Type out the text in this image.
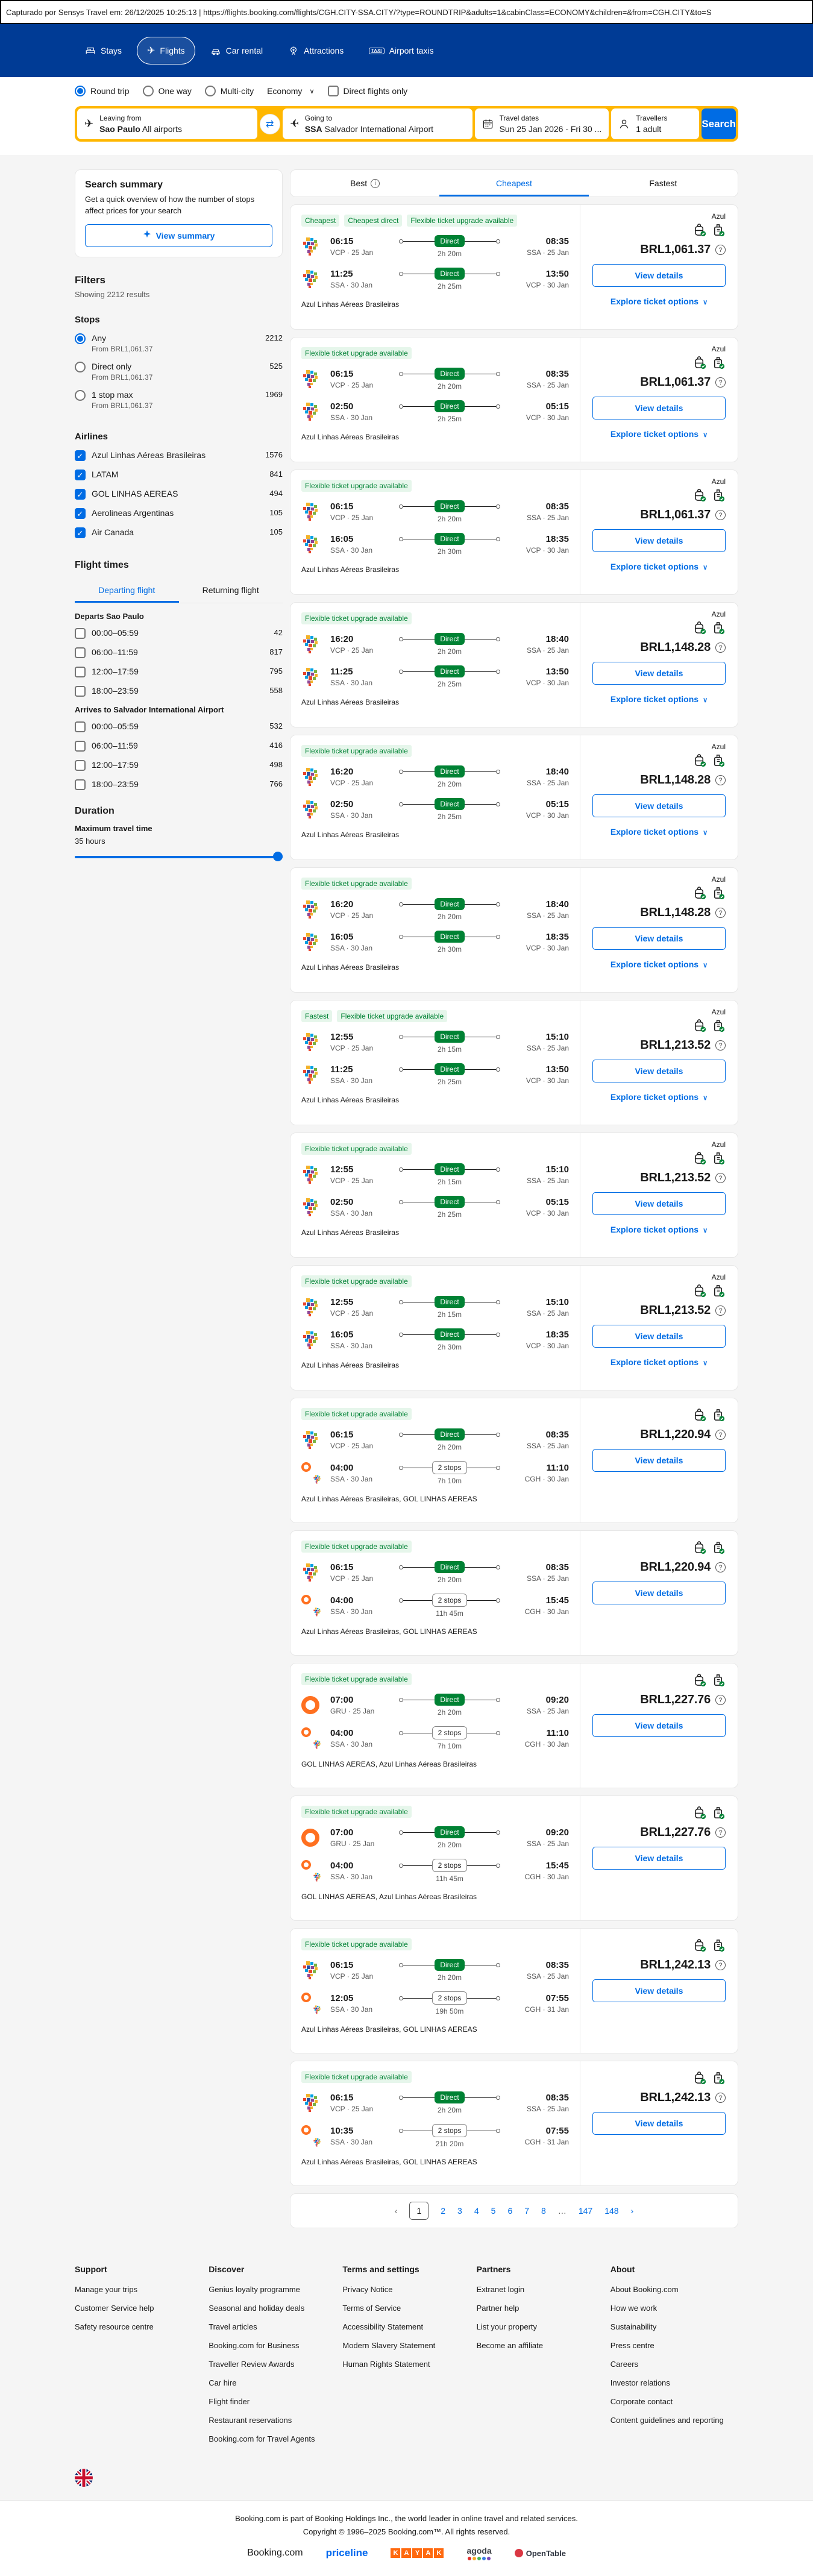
Capturado por Sensys Travel em: 26/12/2025 10:25:13 | https://flights.booking.com/flights/CGH.CITY-SSA.CITY/?type=ROUNDTRIP&adults=1&cabinClass=ECONOMY&children=&from=CGH.CITY&to=S
Stays	✈ Flights	Car rental	Attractions	TAXI Airport taxis
Round trip	One way	Multi-city Economy ∨	Direct flights only
✈ Leaving from
Sao Paulo All airports	⇄ ✈ Going to
SSA Salvador International Airport
Travel dates
Sun 25 Jan 2026 - Fri 30 ...
Travellers
1 adult	Search
Search summary
Get a quick overview of how the number of stops affect prices for your search
View summary
Filters
Showing 2212 results
Stops
Any
From BRL1,061.37
2212
Direct only
From BRL1,061.37
525
1 stop max
From BRL1,061.37
1969
Airlines
✓ Azul Linhas Aéreas Brasileiras	1576
✓ LATAM	841
✓ GOL LINHAS AEREAS	494
✓ Aerolineas Argentinas	105
✓ Air Canada	105
Flight times
Departing flight	Returning flight
Departs Sao Paulo
00:00–05:59	42
06:00–11:59	817
12:00–17:59	795
18:00–23:59	558
Arrives to Salvador International Airport
00:00–05:59	532
06:00–11:59	416
12:00–17:59	498
18:00–23:59	766
Duration
Maximum travel time
35 hours
Best	i	Cheapest	Fastest
Cheapest	Cheapest direct	Flexible ticket upgrade available
06:15
VCP · 25 Jan
Direct
2h 20m
08:35
SSA · 25 Jan
11:25
SSA · 30 Jan
Direct
2h 25m
13:50
VCP · 30 Jan
Azul Linhas Aéreas Brasileiras
Azul
BRL1,061.37	?
View details
Explore ticket options ∨
Flexible ticket upgrade available
06:15
VCP · 25 Jan
Direct
2h 20m
08:35
SSA · 25 Jan
02:50
SSA · 30 Jan
Direct
2h 25m
05:15
VCP · 30 Jan
Azul Linhas Aéreas Brasileiras
Azul
BRL1,061.37	?
View details
Explore ticket options ∨
Flexible ticket upgrade available
06:15
VCP · 25 Jan
Direct
2h 20m
08:35
SSA · 25 Jan
16:05
SSA · 30 Jan
Direct
2h 30m
18:35
VCP · 30 Jan
Azul Linhas Aéreas Brasileiras
Azul
BRL1,061.37	?
View details
Explore ticket options ∨
Flexible ticket upgrade available
16:20
VCP · 25 Jan
Direct
2h 20m
18:40
SSA · 25 Jan
11:25
SSA · 30 Jan
Direct
2h 25m
13:50
VCP · 30 Jan
Azul Linhas Aéreas Brasileiras
Azul
BRL1,148.28	?
View details
Explore ticket options ∨
Flexible ticket upgrade available
16:20
VCP · 25 Jan
Direct
2h 20m
18:40
SSA · 25 Jan
02:50
SSA · 30 Jan
Direct
2h 25m
05:15
VCP · 30 Jan
Azul Linhas Aéreas Brasileiras
Azul
BRL1,148.28	?
View details
Explore ticket options ∨
Flexible ticket upgrade available
16:20
VCP · 25 Jan
Direct
2h 20m
18:40
SSA · 25 Jan
16:05
SSA · 30 Jan
Direct
2h 30m
18:35
VCP · 30 Jan
Azul Linhas Aéreas Brasileiras
Azul
BRL1,148.28	?
View details
Explore ticket options ∨
Fastest	Flexible ticket upgrade available
12:55
VCP · 25 Jan
Direct
2h 15m
15:10
SSA · 25 Jan
11:25
SSA · 30 Jan
Direct
2h 25m
13:50
VCP · 30 Jan
Azul Linhas Aéreas Brasileiras
Azul
BRL1,213.52	?
View details
Explore ticket options ∨
Flexible ticket upgrade available
12:55
VCP · 25 Jan
Direct
2h 15m
15:10
SSA · 25 Jan
02:50
SSA · 30 Jan
Direct
2h 25m
05:15
VCP · 30 Jan
Azul Linhas Aéreas Brasileiras
Azul
BRL1,213.52	?
View details
Explore ticket options ∨
Flexible ticket upgrade available
12:55
VCP · 25 Jan
Direct
2h 15m
15:10
SSA · 25 Jan
16:05
SSA · 30 Jan
Direct
2h 30m
18:35
VCP · 30 Jan
Azul Linhas Aéreas Brasileiras
Azul
BRL1,213.52	?
View details
Explore ticket options ∨
Flexible ticket upgrade available
06:15
VCP · 25 Jan
Direct
2h 20m
08:35
SSA · 25 Jan
04:00
SSA · 30 Jan
2 stops
7h 10m
11:10
CGH · 30 Jan
Azul Linhas Aéreas Brasileiras, GOL LINHAS AEREAS
BRL1,220.94	?
View details
Flexible ticket upgrade available
06:15
VCP · 25 Jan
Direct
2h 20m
08:35
SSA · 25 Jan
04:00
SSA · 30 Jan
2 stops
11h 45m
15:45
CGH · 30 Jan
Azul Linhas Aéreas Brasileiras, GOL LINHAS AEREAS
BRL1,220.94	?
View details
Flexible ticket upgrade available
07:00
GRU · 25 Jan
Direct
2h 20m
09:20
SSA · 25 Jan
04:00
SSA · 30 Jan
2 stops
7h 10m
11:10
CGH · 30 Jan
GOL LINHAS AEREAS, Azul Linhas Aéreas Brasileiras
BRL1,227.76	?
View details
Flexible ticket upgrade available
07:00
GRU · 25 Jan
Direct
2h 20m
09:20
SSA · 25 Jan
04:00
SSA · 30 Jan
2 stops
11h 45m
15:45
CGH · 30 Jan
GOL LINHAS AEREAS, Azul Linhas Aéreas Brasileiras
BRL1,227.76	?
View details
Flexible ticket upgrade available
06:15
VCP · 25 Jan
Direct
2h 20m
08:35
SSA · 25 Jan
12:05
SSA · 30 Jan
2 stops
19h 50m
07:55
CGH · 31 Jan
Azul Linhas Aéreas Brasileiras, GOL LINHAS AEREAS
BRL1,242.13	?
View details
Flexible ticket upgrade available
06:15
VCP · 25 Jan
Direct
2h 20m
08:35
SSA · 25 Jan
10:35
SSA · 30 Jan
2 stops
21h 20m
07:55
CGH · 31 Jan
Azul Linhas Aéreas Brasileiras, GOL LINHAS AEREAS
BRL1,242.13	?
View details
‹	1	2 3 4 5 6 7 8 … 147 148 ›
Support
Manage your trips
Customer Service help
Safety resource centre
Discover
Genius loyalty programme
Seasonal and holiday deals
Travel articles
Booking.com for Business
Traveller Review Awards
Car hire
Flight finder
Restaurant reservations
Booking.com for Travel Agents
Terms and settings
Privacy Notice
Terms of Service
Accessibility Statement
Modern Slavery Statement
Human Rights Statement
Partners
Extranet login
Partner help
List your property
Become an affiliate
About
About Booking.com
How we work
Sustainability
Press centre
Careers
Investor relations
Corporate contact
Content guidelines and reporting
Booking.com is part of Booking Holdings Inc., the world leader in online travel and related services.
Copyright © 1996–2025 Booking.com™. All rights reserved.
Booking.com priceline	K A Y A K	agoda	OpenTable
